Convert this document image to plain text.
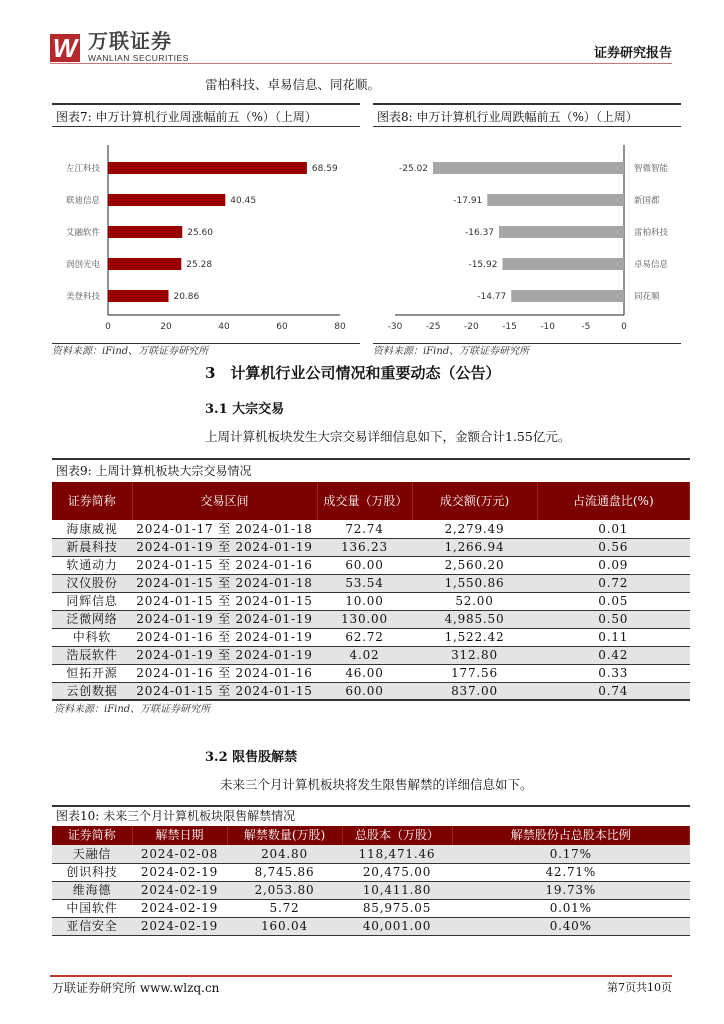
W 万联证券
WANLIAN SECURITIES	证券研究报告
雷柏科技、卓易信息、同花顺。
图表7: 申万计算机行业周涨幅前五（%）（上周）
0	20	40	60	80
68.59
左江科技
40.45
联迪信息
25.60
艾融软件
25.28
润创光电
20.86
美登科技
资料来源：iFind、万联证券研究所
图表8: 申万计算机行业周跌幅前五（%）（上周）
-30	-25	-20	-15	-10	-5	0
-25.02	智微智能
-17.91	新国都
-16.37	雷柏科技
-15.92	卓易信息
-14.77	同花顺
资料来源：iFind、万联证券研究所
3　计算机行业公司情况和重要动态（公告）
3.1 大宗交易
上周计算机板块发生大宗交易详细信息如下，金额合计1.55亿元。
图表9: 上周计算机板块大宗交易情况
证券简称	交易区间	成交量（万股）	成交额(万元)	占流通盘比(%)
海康威视	2024-01-17 至 2024-01-18	72.74	2,279.49	0.01
新晨科技	2024-01-19 至 2024-01-19	136.23	1,266.94	0.56
软通动力	2024-01-15 至 2024-01-16	60.00	2,560.20	0.09
汉仪股份	2024-01-15 至 2024-01-18	53.54	1,550.86	0.72
同辉信息	2024-01-15 至 2024-01-15	10.00	52.00	0.05
泛微网络	2024-01-19 至 2024-01-19	130.00	4,985.50	0.50
中科软	2024-01-16 至 2024-01-19	62.72	1,522.42	0.11
浩辰软件	2024-01-19 至 2024-01-19	4.02	312.80	0.42
恒拓开源	2024-01-16 至 2024-01-16	46.00	177.56	0.33
云创数据	2024-01-15 至 2024-01-15	60.00	837.00	0.74
资料来源：iFind、万联证券研究所
3.2 限售股解禁
未来三个月计算机板块将发生限售解禁的详细信息如下。
图表10: 未来三个月计算机板块限售解禁情况
证券简称	解禁日期	解禁数量(万股)	总股本（万股）	解禁股份占总股本比例
天融信	2024-02-08	204.80	118,471.46	0.17%
创识科技	2024-02-19	8,745.86	20,475.00	42.71%
维海德	2024-02-19	2,053.80	10,411.80	19.73%
中国软件	2024-02-19	5.72	85,975.05	0.01%
亚信安全	2024-02-19	160.04	40,001.00	0.40%
万联证券研究所 www.wlzq.cn	第7页共10页
